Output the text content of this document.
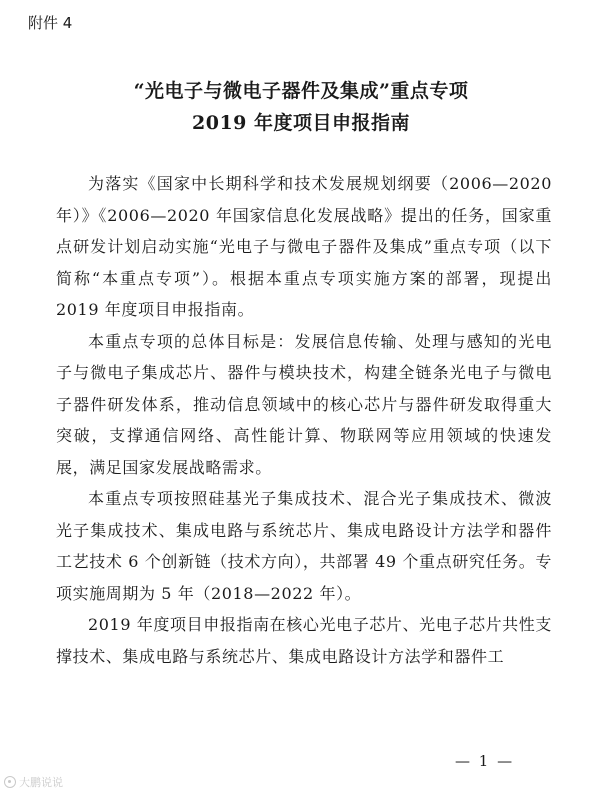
附件 4
“光电子与微电子器件及集成”重点专项
2019 年度项目申报指南

为落实《国家中长期科学和技术发展规划纲要（2006—2020年）》《2006—2020 年国家信息化发展战略》提出的任务，国家重点研发计划启动实施“光电子与微电子器件及集成”重点专项（以下简称“本重点专项”）。根据本重点专项实施方案的部署，现提出 2019 年度项目申报指南。

本重点专项的总体目标是：发展信息传输、处理与感知的光电子与微电子集成芯片、器件与模块技术，构建全链条光电子与微电子器件研发体系，推动信息领域中的核心芯片与器件研发取得重大突破，支撑通信网络、高性能计算、物联网等应用领域的快速发展，满足国家发展战略需求。

本重点专项按照硅基光子集成技术、混合光子集成技术、微波光子集成技术、集成电路与系统芯片、集成电路设计方法学和器件工艺技术 6 个创新链（技术方向），共部署 49 个重点研究任务。专项实施周期为 5 年（2018—2022 年）。

2019 年度项目申报指南在核心光电子芯片、光电子芯片共性支撑技术、集成电路与系统芯片、集成电路设计方法学和器件工

— 1 —
大鹏说说
